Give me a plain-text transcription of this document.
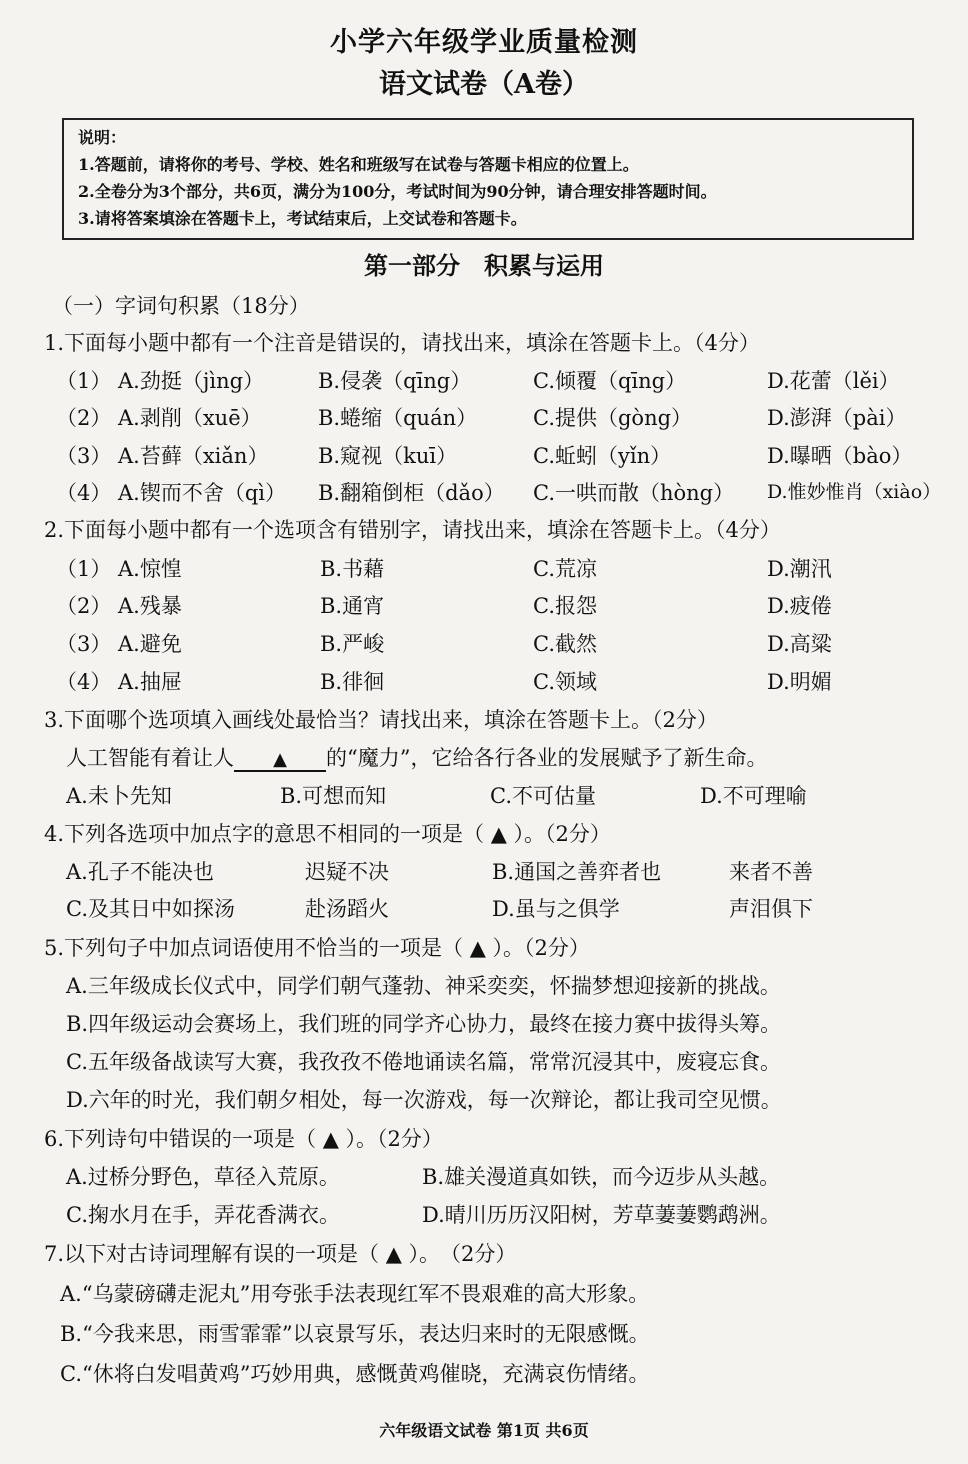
小学六年级学业质量检测
语文试卷（A卷）
说明：
1.答题前，请将你的考号、学校、姓名和班级写在试卷与答题卡相应的位置上。
2.全卷分为3个部分，共6页，满分为100分，考试时间为90分钟，请合理安排答题时间。
3.请将答案填涂在答题卡上，考试结束后，上交试卷和答题卡。
第一部分　积累与运用
（一）字词句积累（18分）
1.下面每小题中都有一个注音是错误的，请找出来，填涂在答题卡上。（4分）
（1） A.劲挺（jìng）	B.侵袭（qīng）	C.倾覆（qīng）	D.花蕾（lěi）
（2） A.剥削（xuē）	B.蜷缩（quán）	C.提供（gòng）	D.澎湃（pài）
（3） A.苔藓（xiǎn） B.窥视（kuī）	C.蚯蚓（yǐn）	D.曝晒（bào）
（4） A.锲而不舍（qì） B.翻箱倒柜（dǎo） C.一哄而散（hòng） D.惟妙惟肖（xiào）
2.下面每小题中都有一个选项含有错别字，请找出来，填涂在答题卡上。（4分）
（1） A.惊惶	B.书藉	C.荒凉	D.潮汛
（2） A.残暴	B.通宵	C.报怨	D.疲倦
（3） A.避免	B.严峻	C.截然	D.高粱
（4） A.抽屉	B.徘徊	C.领域	D.明媚
3.下面哪个选项填入画线处最恰当？请找出来，填涂在答题卡上。（2分）
人工智能有着让人 ▲ 的“魔力”，它给各行各业的发展赋予了新生命。
A.未卜先知	B.可想而知	C.不可估量	D.不可理喻
4.下列各选项中加点字的意思不相同的一项是（ ▲ ）。（2分）
A.孔子不能决也	迟疑不决	B.通国之善弈者也	来者不善
C.及其日中如探汤	赴汤蹈火	D.虽与之俱学	声泪俱下
5.下列句子中加点词语使用不恰当的一项是（ ▲ ）。（2分）
A.三年级成长仪式中，同学们朝气蓬勃、神采奕奕，怀揣梦想迎接新的挑战。
B.四年级运动会赛场上，我们班的同学齐心协力，最终在接力赛中拔得头筹。
C.五年级备战读写大赛，我孜孜不倦地诵读名篇，常常沉浸其中，废寝忘食。
D.六年的时光，我们朝夕相处，每一次游戏，每一次辩论，都让我司空见惯。
6.下列诗句中错误的一项是（ ▲ ）。（2分）
A.过桥分野色，草径入荒原。	B.雄关漫道真如铁，而今迈步从头越。
C.掬水月在手，弄花香满衣。	D.晴川历历汉阳树，芳草萋萋鹦鹉洲。
7.以下对古诗词理解有误的一项是（ ▲ ）。　（2分）
A.“乌蒙磅礴走泥丸”用夸张手法表现红军不畏艰难的高大形象。
B.“今我来思，雨雪霏霏”以哀景写乐，表达归来时的无限感慨。
C.“休将白发唱黄鸡”巧妙用典，感慨黄鸡催晓，充满哀伤情绪。
六年级语文试卷 第1页 共6页
